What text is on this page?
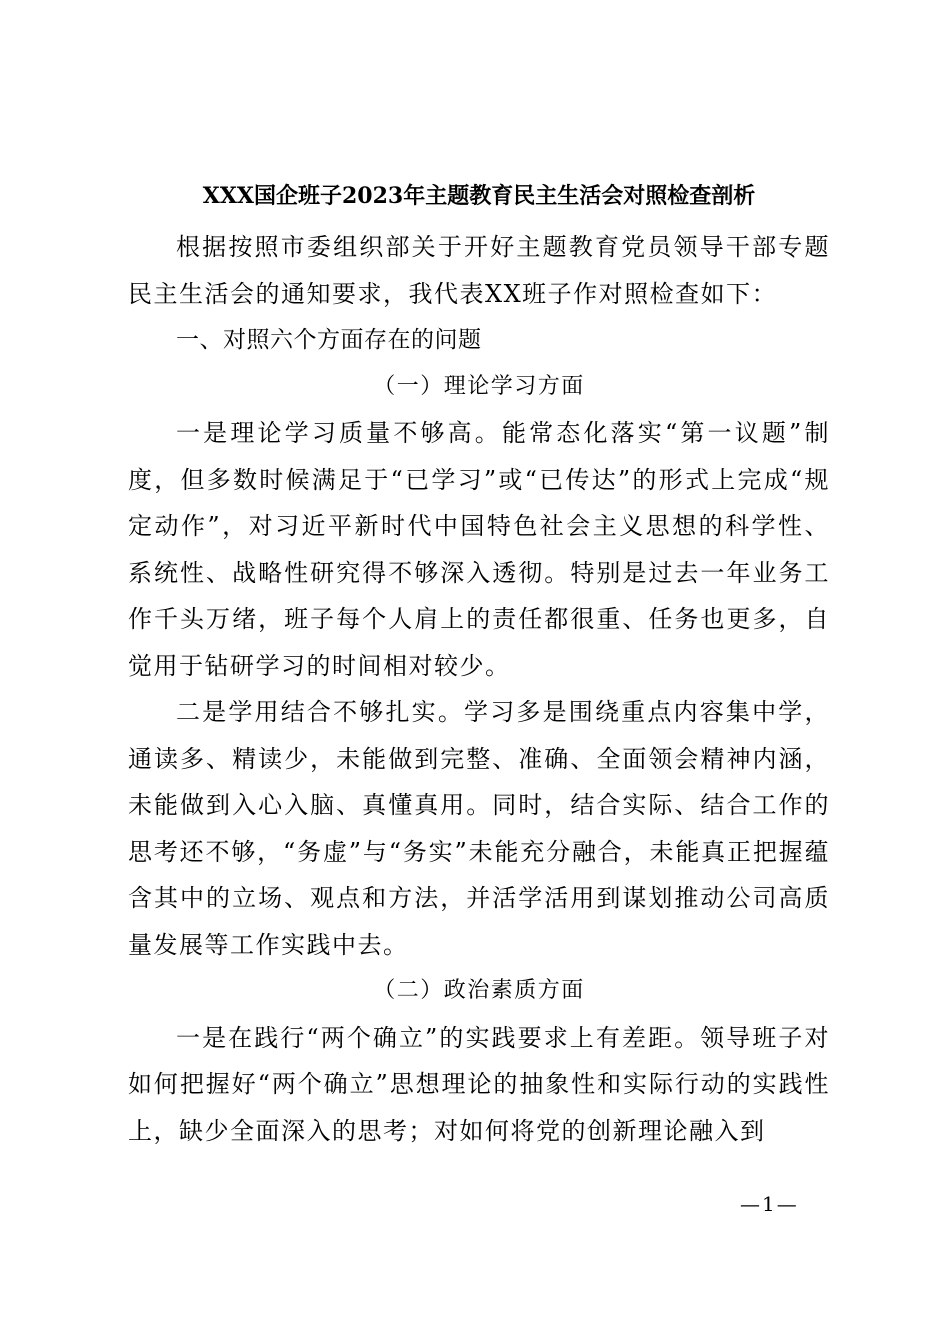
XXX国企班子2023年主题教育民主生活会对照检查剖析

根据按照市委组织部关于开好主题教育党员领导干部专题民主生活会的通知要求，我代表XX班子作对照检查如下：

一、对照六个方面存在的问题
（一）理论学习方面

一是理论学习质量不够高。能常态化落实“第一议题”制度，但多数时候满足于“已学习”或“已传达”的形式上完成“规定动作”，对习近平新时代中国特色社会主义思想的科学性、系统性、战略性研究得不够深入透彻。特别是过去一年业务工作千头万绪，班子每个人肩上的责任都很重、任务也更多，自觉用于钻研学习的时间相对较少。

二是学用结合不够扎实。学习多是围绕重点内容集中学，通读多、精读少，未能做到完整、准确、全面领会精神内涵，未能做到入心入脑、真懂真用。同时，结合实际、结合工作的思考还不够，“务虚”与“务实”未能充分融合，未能真正把握蕴含其中的立场、观点和方法，并活学活用到谋划推动公司高质量发展等工作实践中去。

（二）政治素质方面

一是在践行“两个确立”的实践要求上有差距。领导班子对如何把握好“两个确立”思想理论的抽象性和实际行动的实践性上，缺少全面深入的思考；对如何将党的创新理论融入到

—1—
